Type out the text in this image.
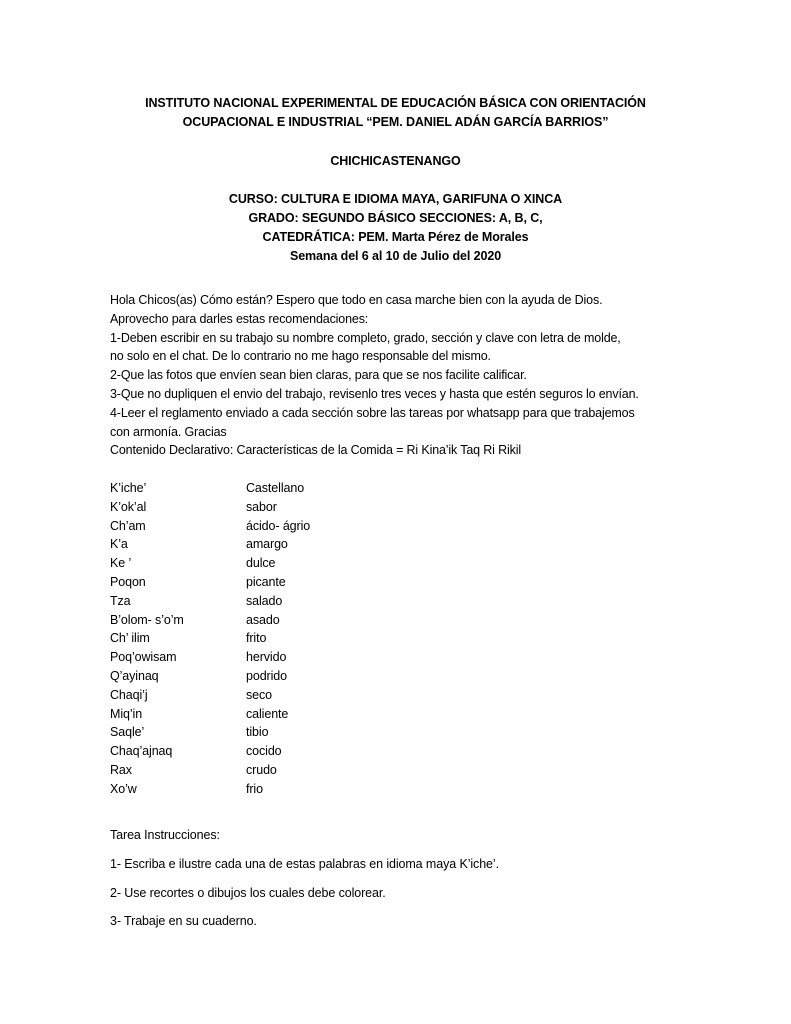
INSTITUTO NACIONAL EXPERIMENTAL DE EDUCACIÓN BÁSICA CON ORIENTACIÓN
OCUPACIONAL E INDUSTRIAL “PEM. DANIEL ADÁN GARCÍA BARRIOS”
CHICHICASTENANGO
CURSO: CULTURA E IDIOMA MAYA, GARIFUNA O XINCA
GRADO: SEGUNDO BÁSICO SECCIONES: A, B, C,
CATEDRÁTICA: PEM. Marta Pérez de Morales
Semana del 6 al 10 de Julio del 2020
Hola Chicos(as) Cómo están? Espero que todo en casa marche bien con la ayuda de Dios.
Aprovecho para darles estas recomendaciones:
1-Deben escribir en su trabajo su nombre completo, grado, sección y clave con letra de molde,
no solo en el chat. De lo contrario no me hago responsable del mismo.
2-Que las fotos que envíen sean bien claras, para que se nos facilite calificar.
3-Que no dupliquen el envio del trabajo, revisenlo tres veces y hasta que estén seguros lo envían.
4-Leer el reglamento enviado a cada sección sobre las tareas por whatsapp para que trabajemos
con armonía. Gracias
Contenido Declarativo: Características de la Comida = Ri Kina’ik Taq Ri Rikil
K’iche’	Castellano
K’ok’al	sabor
Ch’am	ácido- ágrio
K’a	amargo
Ke ’	dulce
Poqon	picante
Tza	salado
B’olom- s’o’m	asado
Ch’ ilim	frito
Poq’owisam	hervido
Q’ayinaq	podrido
Chaqi’j	seco
Miq’in	caliente
Saqle’	tibio
Chaq’ajnaq	cocido
Rax	crudo
Xo’w	frio
Tarea Instrucciones:
1- Escriba e ilustre cada una de estas palabras en idioma maya K’iche’.
2- Use recortes o dibujos los cuales debe colorear.
3- Trabaje en su cuaderno.
